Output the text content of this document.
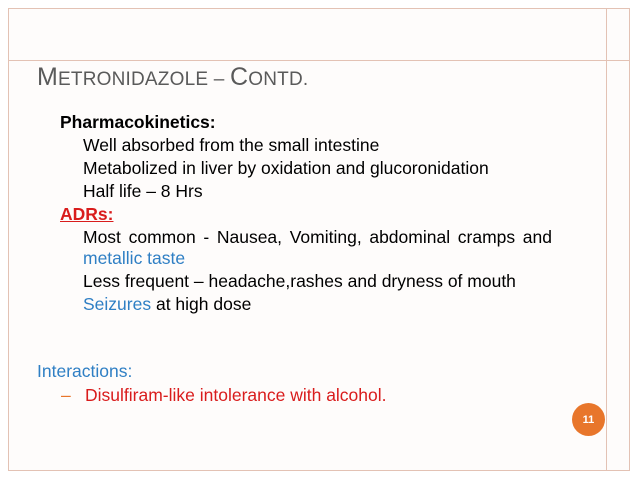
METRONIDAZOLE – CONTD.
Pharmacokinetics:
Well absorbed from the small intestine
Metabolized in liver by oxidation and glucoronidation
Half life – 8 Hrs
ADRs:
Most common - Nausea, Vomiting, abdominal cramps and metallic taste
Less frequent – headache,rashes and dryness of mouth
Seizures at high dose
Interactions:
– Disulfiram-like intolerance with alcohol.
11
